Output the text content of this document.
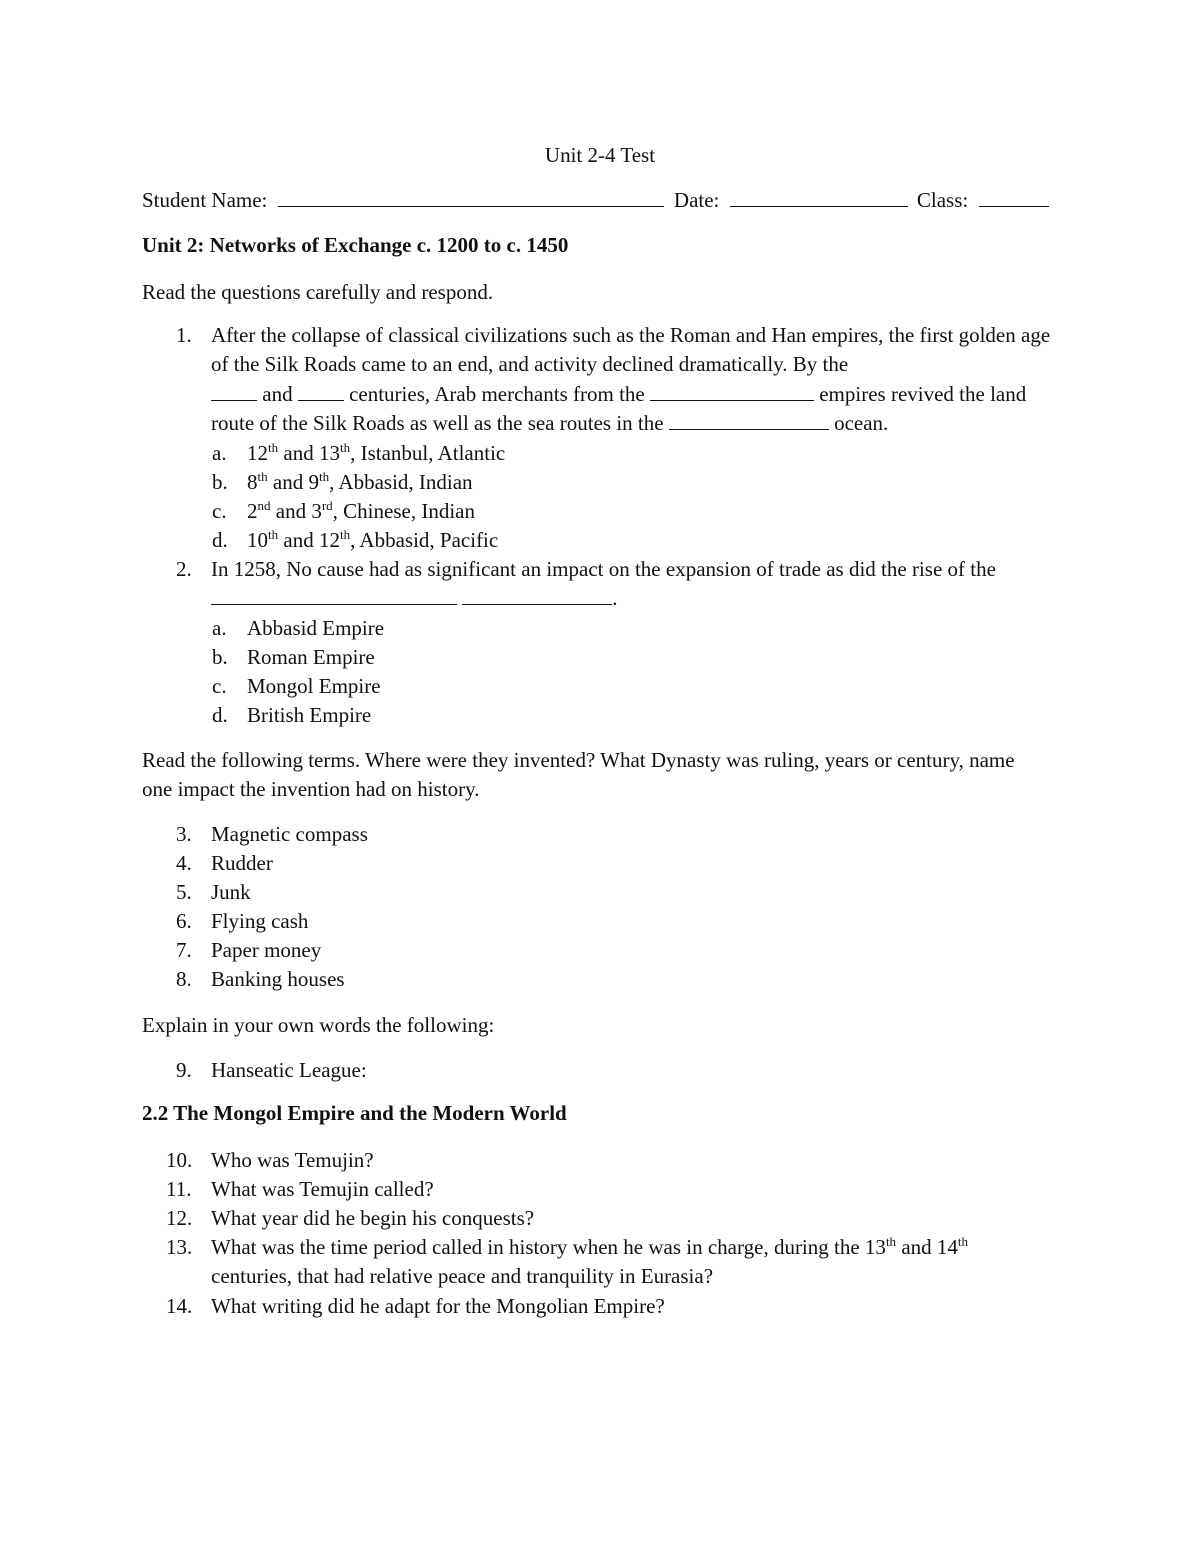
Unit 2-4 Test
Student Name:	Date:	Class:
Unit 2: Networks of Exchange c. 1200 to c. 1450
Read the questions carefully and respond.
1. After the collapse of classical civilizations such as the Roman and Han empires, the first golden age of the Silk Roads came to an end, and activity declined dramatically. By the
and	centuries, Arab merchants from the	empires revived the land route of the Silk Roads as well as the sea routes in the	ocean.
a. 12th and 13th, Istanbul, Atlantic
b. 8th and 9th, Abbasid, Indian
c. 2nd and 3rd, Chinese, Indian
d. 10th and 12th, Abbasid, Pacific
2. In 1258, No cause had as significant an impact on the expansion of trade as did the rise of the  .
a. Abbasid Empire
b. Roman Empire
c. Mongol Empire
d. British Empire
Read the following terms. Where were they invented? What Dynasty was ruling, years or century, name one impact the invention had on history.
3. Magnetic compass
4. Rudder
5. Junk
6. Flying cash
7. Paper money
8. Banking houses
Explain in your own words the following:
9. Hanseatic League:
2.2 The Mongol Empire and the Modern World
10. Who was Temujin?
11. What was Temujin called?
12. What year did he begin his conquests?
13. What was the time period called in history when he was in charge, during the 13th and 14th centuries, that had relative peace and tranquility in Eurasia?
14. What writing did he adapt for the Mongolian Empire?
